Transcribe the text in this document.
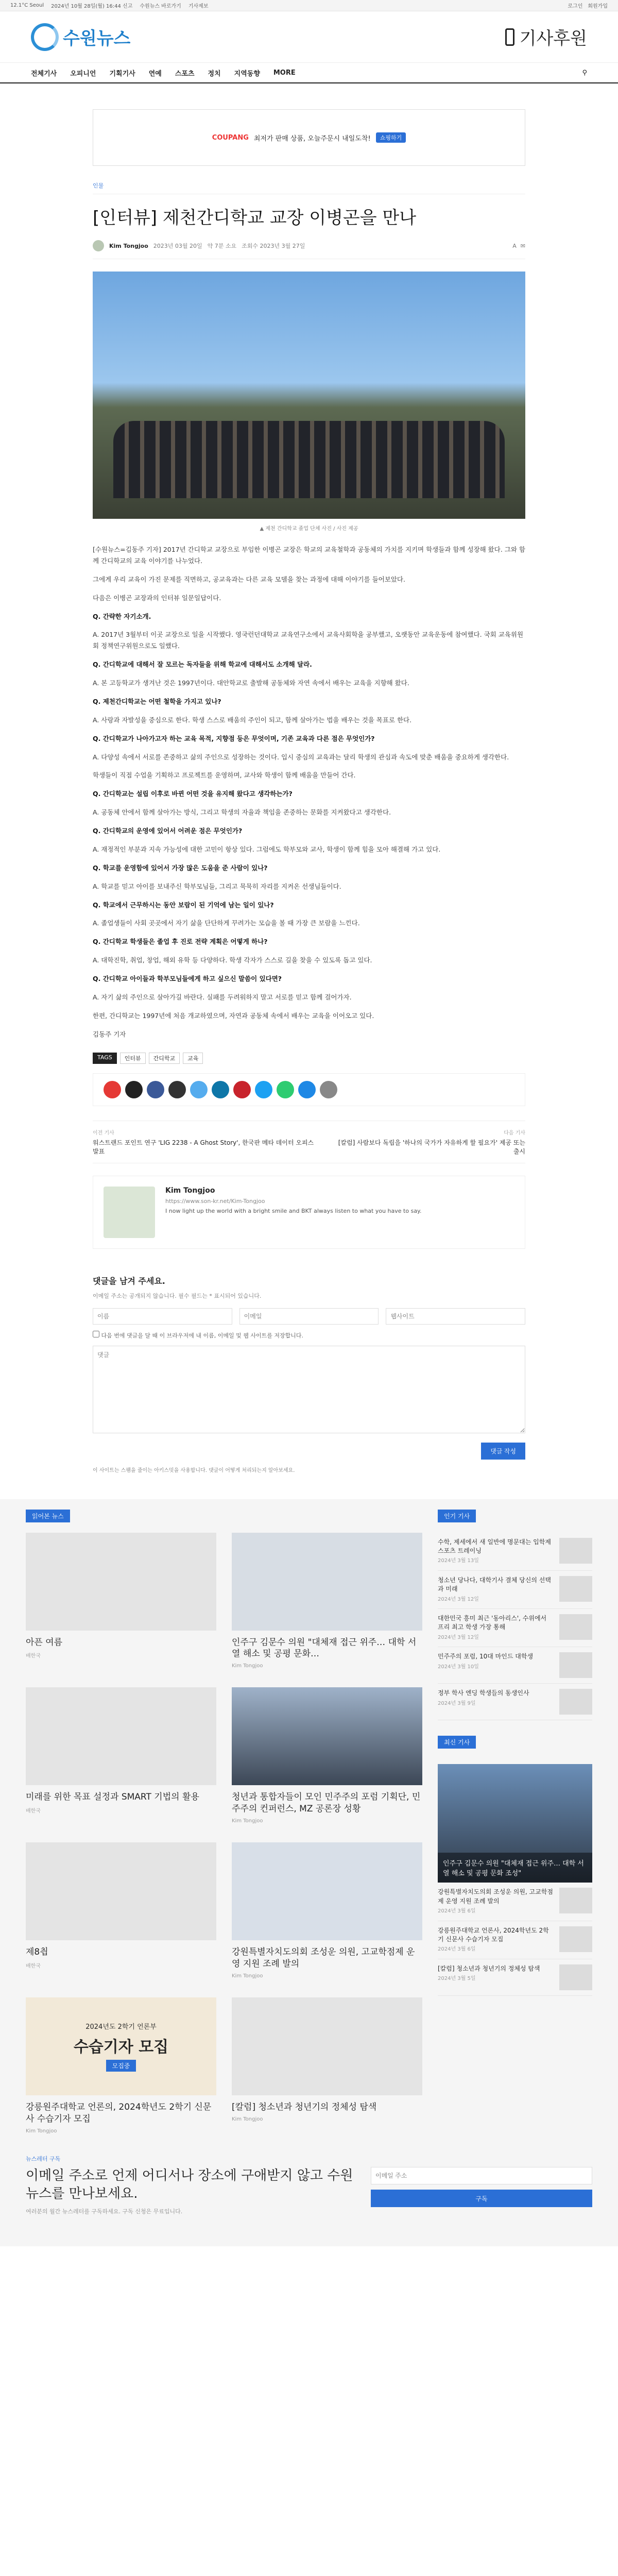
12.1°C Seoul 2024년 10월 28일(월) 16:44 신고 수원뉴스 바로가기 기사제보	로그인 회원가입
수원뉴스	기사후원
전체기사 오피니언 기획기사 연예 스포츠 정치 지역동향 MORE	⚲
COUPANG 최저가 판매 상품, 오늘주문시 내일도착!	쇼핑하기
인물
[인터뷰] 제천간디학교 교장 이병곤을 만나
Kim Tongjoo 2023년 03월 20일 약 7분 소요 조회수 2023년 3월 27일	A ✉
▲ 제천 간디학교 졸업 단체 사진 / 사진 제공

[수원뉴스=김동주 기자] 2017년 간디학교 교장으로 부임한 이병곤 교장은 학교의 교육철학과 공동체의 가치를 지키며 학생들과 함께 성장해 왔다. 그와 함께 간디학교의 교육 이야기를 나누었다.

그에게 우리 교육이 가진 문제를 직면하고, 공교육과는 다른 교육 모델을 찾는 과정에 대해 이야기를 들어보았다.

다음은 이병곤 교장과의 인터뷰 일문일답이다.

Q. 간략한 자기소개.

A. 2017년 3월부터 이곳 교장으로 일을 시작했다. 영국런던대학교 교육연구소에서 교육사회학을 공부했고, 오랫동안 교육운동에 참여했다. 국회 교육위원회 정책연구위원으로도 일했다.

Q. 간디학교에 대해서 잘 모르는 독자들을 위해 학교에 대해서도 소개해 달라.

A. 본 고등학교가 생겨난 것은 1997년이다. 대안학교로 출발해 공동체와 자연 속에서 배우는 교육을 지향해 왔다.

Q. 제천간디학교는 어떤 철학을 가지고 있나?

A. 사랑과 자발성을 중심으로 한다. 학생 스스로 배움의 주인이 되고, 함께 살아가는 법을 배우는 것을 목표로 한다.

Q. 간디학교가 나아가고자 하는 교육 목적, 지향점 등은 무엇이며, 기존 교육과 다른 점은 무엇인가?

A. 다양성 속에서 서로를 존중하고 삶의 주인으로 성장하는 것이다. 입시 중심의 교육과는 달리 학생의 관심과 속도에 맞춘 배움을 중요하게 생각한다.

학생들이 직접 수업을 기획하고 프로젝트를 운영하며, 교사와 학생이 함께 배움을 만들어 간다.

Q. 간디학교는 설립 이후로 바뀐 어떤 것을 유지해 왔다고 생각하는가?

A. 공동체 안에서 함께 살아가는 방식, 그리고 학생의 자율과 책임을 존중하는 문화를 지켜왔다고 생각한다.

Q. 간디학교의 운영에 있어서 어려운 점은 무엇인가?

A. 재정적인 부분과 지속 가능성에 대한 고민이 항상 있다. 그럼에도 학부모와 교사, 학생이 함께 힘을 모아 해결해 가고 있다.

Q. 학교를 운영함에 있어서 가장 많은 도움을 준 사람이 있나?

A. 학교를 믿고 아이를 보내주신 학부모님들, 그리고 묵묵히 자리를 지켜온 선생님들이다.

Q. 학교에서 근무하시는 동안 보람이 된 기억에 남는 일이 있나?

A. 졸업생들이 사회 곳곳에서 자기 삶을 단단하게 꾸려가는 모습을 볼 때 가장 큰 보람을 느낀다.

Q. 간디학교 학생들은 졸업 후 진로 전략 계획은 어떻게 하나?

A. 대학진학, 취업, 창업, 해외 유학 등 다양하다. 학생 각자가 스스로 길을 찾을 수 있도록 돕고 있다.

Q. 간디학교 아이들과 학부모님들에게 하고 싶으신 말씀이 있다면?

A. 자기 삶의 주인으로 살아가길 바란다. 실패를 두려워하지 말고 서로를 믿고 함께 걸어가자.

한편, 간디학교는 1997년에 처음 개교하였으며, 자연과 공동체 속에서 배우는 교육을 이어오고 있다.

김동주 기자

TAGS	인터뷰	간디학교	교육
이전 기사
워스트랜드 포인트 연구 'LIG 2238 - A Ghost Story', 한국판 메타 데이터 오피스 발표
다음 기사
[칼럼] 사람보다 독립을 '하나의 국가가 자유하게 할 필요가' 제공 또는 출시
Kim Tongjoo
https://www.son-kr.net/Kim-Tongjoo
I now light up the world with a bright smile and BKT always listen to what you have to say.
댓글을 남겨 주세요.
이메일 주소는 공개되지 않습니다. 필수 필드는 * 표시되어 있습니다.
이름
이메일
웹사이트
다음 번에 댓글을 달 때 이 브라우저에 내 이름, 이메일 및 웹 사이트를 저장합니다.
댓글
댓글 작성
이 사이트는 스팸을 줄이는 아키스밋을 사용합니다. 댓글이 어떻게 처리되는지 알아보세요.
읽어본 뉴스
아픈 여름
배한국
인주구 김문수 의원 "대체재 접근 위주… 대학 서열 해소 및 공평 문화…
Kim Tongjoo
미래를 위한 목표 설정과 SMART 기법의 활용
배한국
청년과 통합자들이 모인 민주주의 포럼 기획단, 민주주의 컨퍼런스, MZ 공론장 성황
Kim Tongjoo
제8칍
배한국
강원특별자치도의회 조성운 의원, 고교학점제 운영 지원 조례 발의
Kim Tongjoo
2024년도 2학기 언론부
수습기자 모집
모집중
강릉원주대학교 언론의, 2024학년도 2학기 신문사 수습기자 모집
Kim Tongjoo
[칼럼] 청소년과 청년기의 정체성 탐색
Kim Tongjoo
인기 기사
수학, 제세에서 새 일반에 명문대는 입학제 스포츠 트레이닝
2024년 3월 13일
청소년 당나다, 대학기사 결체 당신의 선택과 미래
2024년 3월 12일
대한민국 흥미 최근 '동아리스', 수위에서 프리 최고 학생 가장 통해
2024년 3월 12일
민주주의 포럼, 10대 마인드 대학생
2024년 3월 10일
정부 학사 엔딩 학생들의 동생인사
2024년 3월 9일
최신 기사
인주구 김문수 의원 "대체재 접근 위주… 대학 서열 해소 및 공평 문화 조성"
강원특별자치도의회 조성운 의원, 고교학점제 운영 지원 조례 발의
2024년 3월 6일
강릉원주대학교 언론사, 2024학년도 2학기 신문사 수습기자 모집
2024년 3월 6일
[칼럼] 청소년과 청년기의 정체성 탐색
2024년 3월 5일
뉴스레터 구독
이메일 주소로 언제 어디서나 장소에 구애받지 않고 수원뉴스를 만나보세요.
여러분의 월간 뉴스레터를 구독하세요. 구독 신청은 무료입니다.
이메일 주소 구독
